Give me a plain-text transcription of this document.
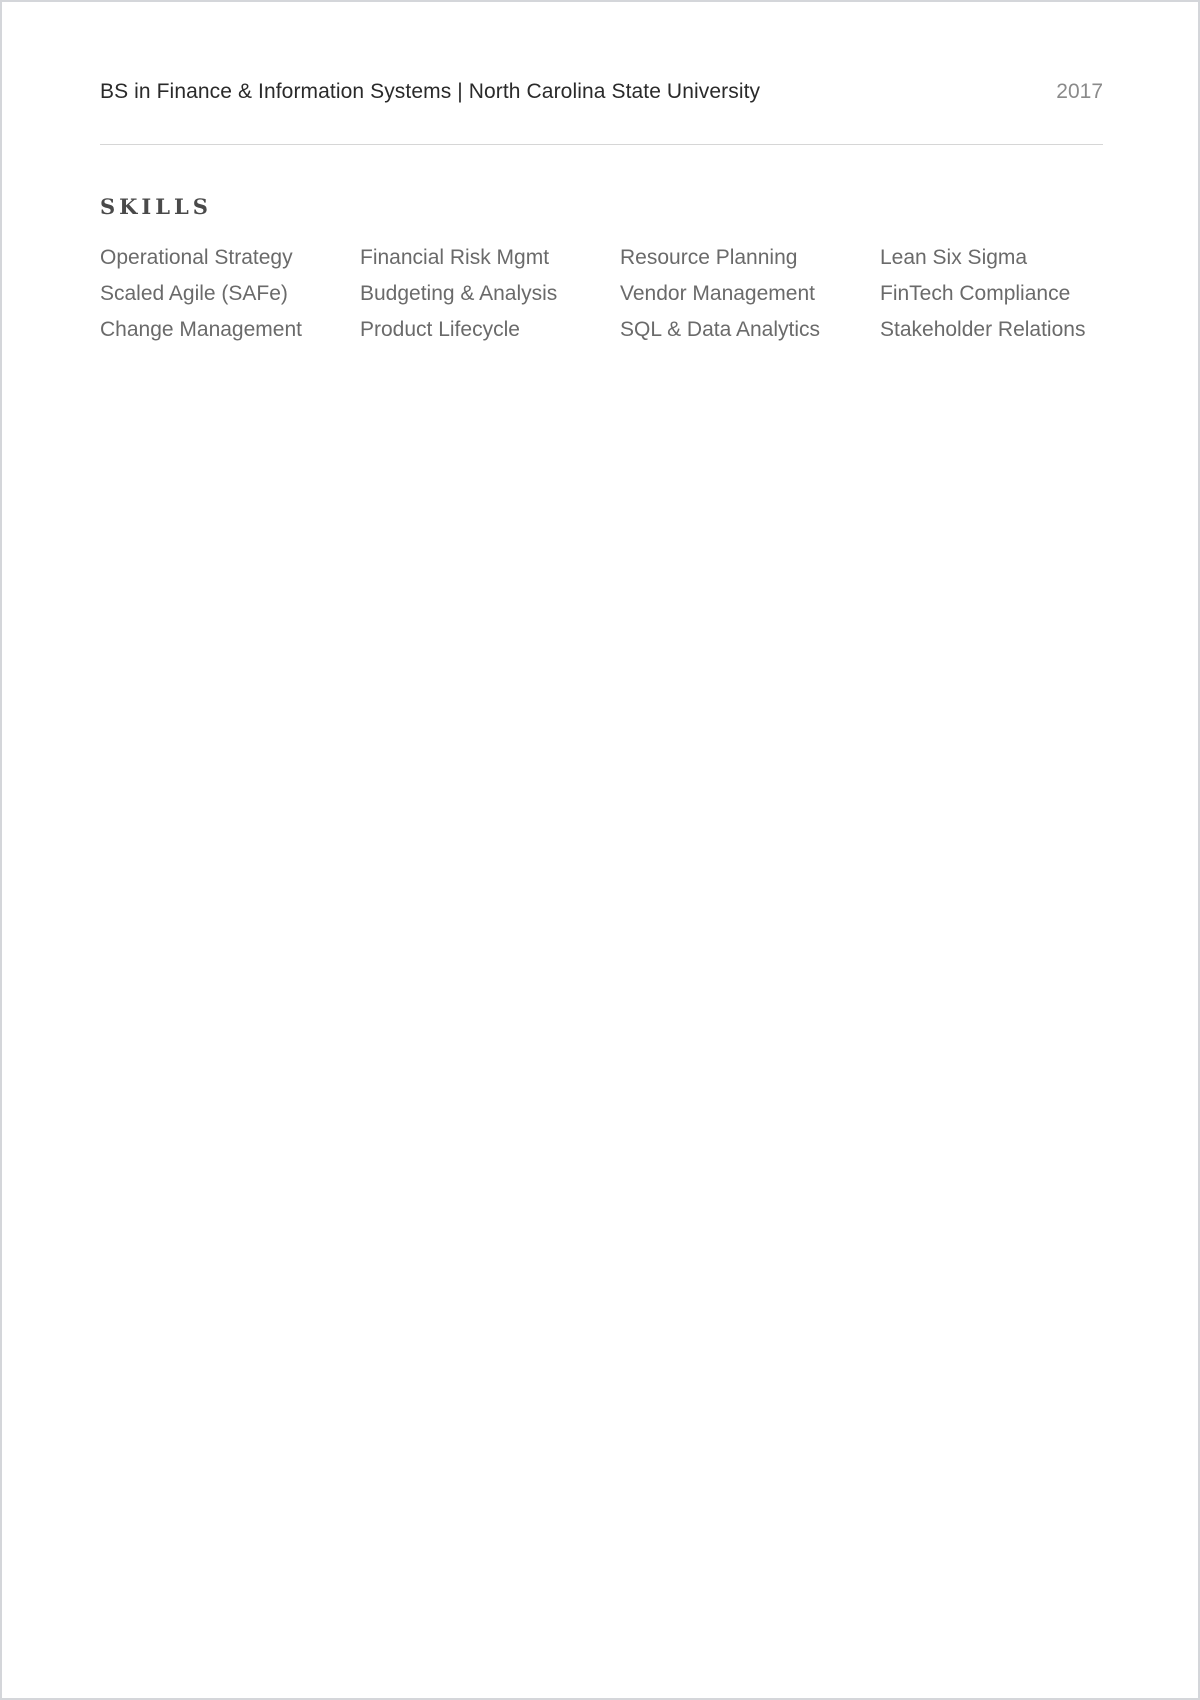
BS in Finance & Information Systems | North Carolina State University	2017
SKILLS
Operational Strategy	Financial Risk Mgmt	Resource Planning	Lean Six Sigma
Scaled Agile (SAFe)	Budgeting & Analysis	Vendor Management	FinTech Compliance
Change Management	Product Lifecycle	SQL & Data Analytics	Stakeholder Relations
